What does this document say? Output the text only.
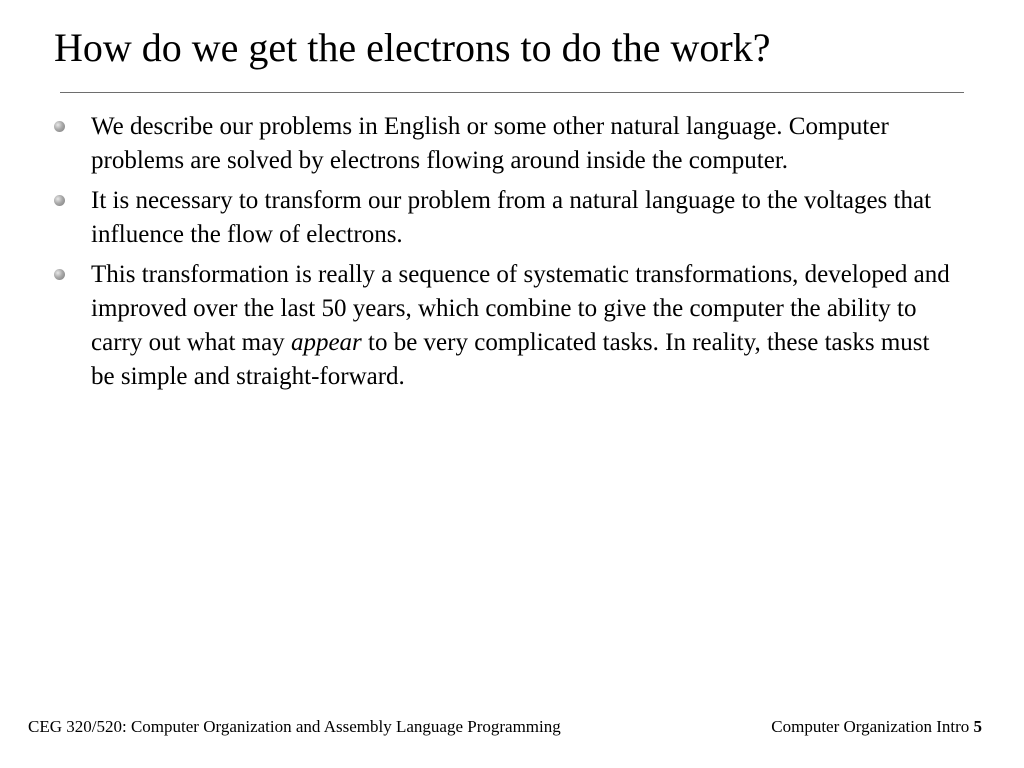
How do we get the electrons to do the work?
We describe our problems in English or some other natural language. Computer problems are solved by electrons flowing around inside the computer.
It is necessary to transform our problem from a natural language to the voltages that influence the flow of electrons.
This transformation is really a sequence of systematic transformations, developed and improved over the last 50 years, which combine to give the computer the ability to carry out what may appear to be very complicated tasks. In reality, these tasks must be simple and straight-forward.
CEG 320/520: Computer Organization and Assembly Language Programming	Computer Organization Intro 5
